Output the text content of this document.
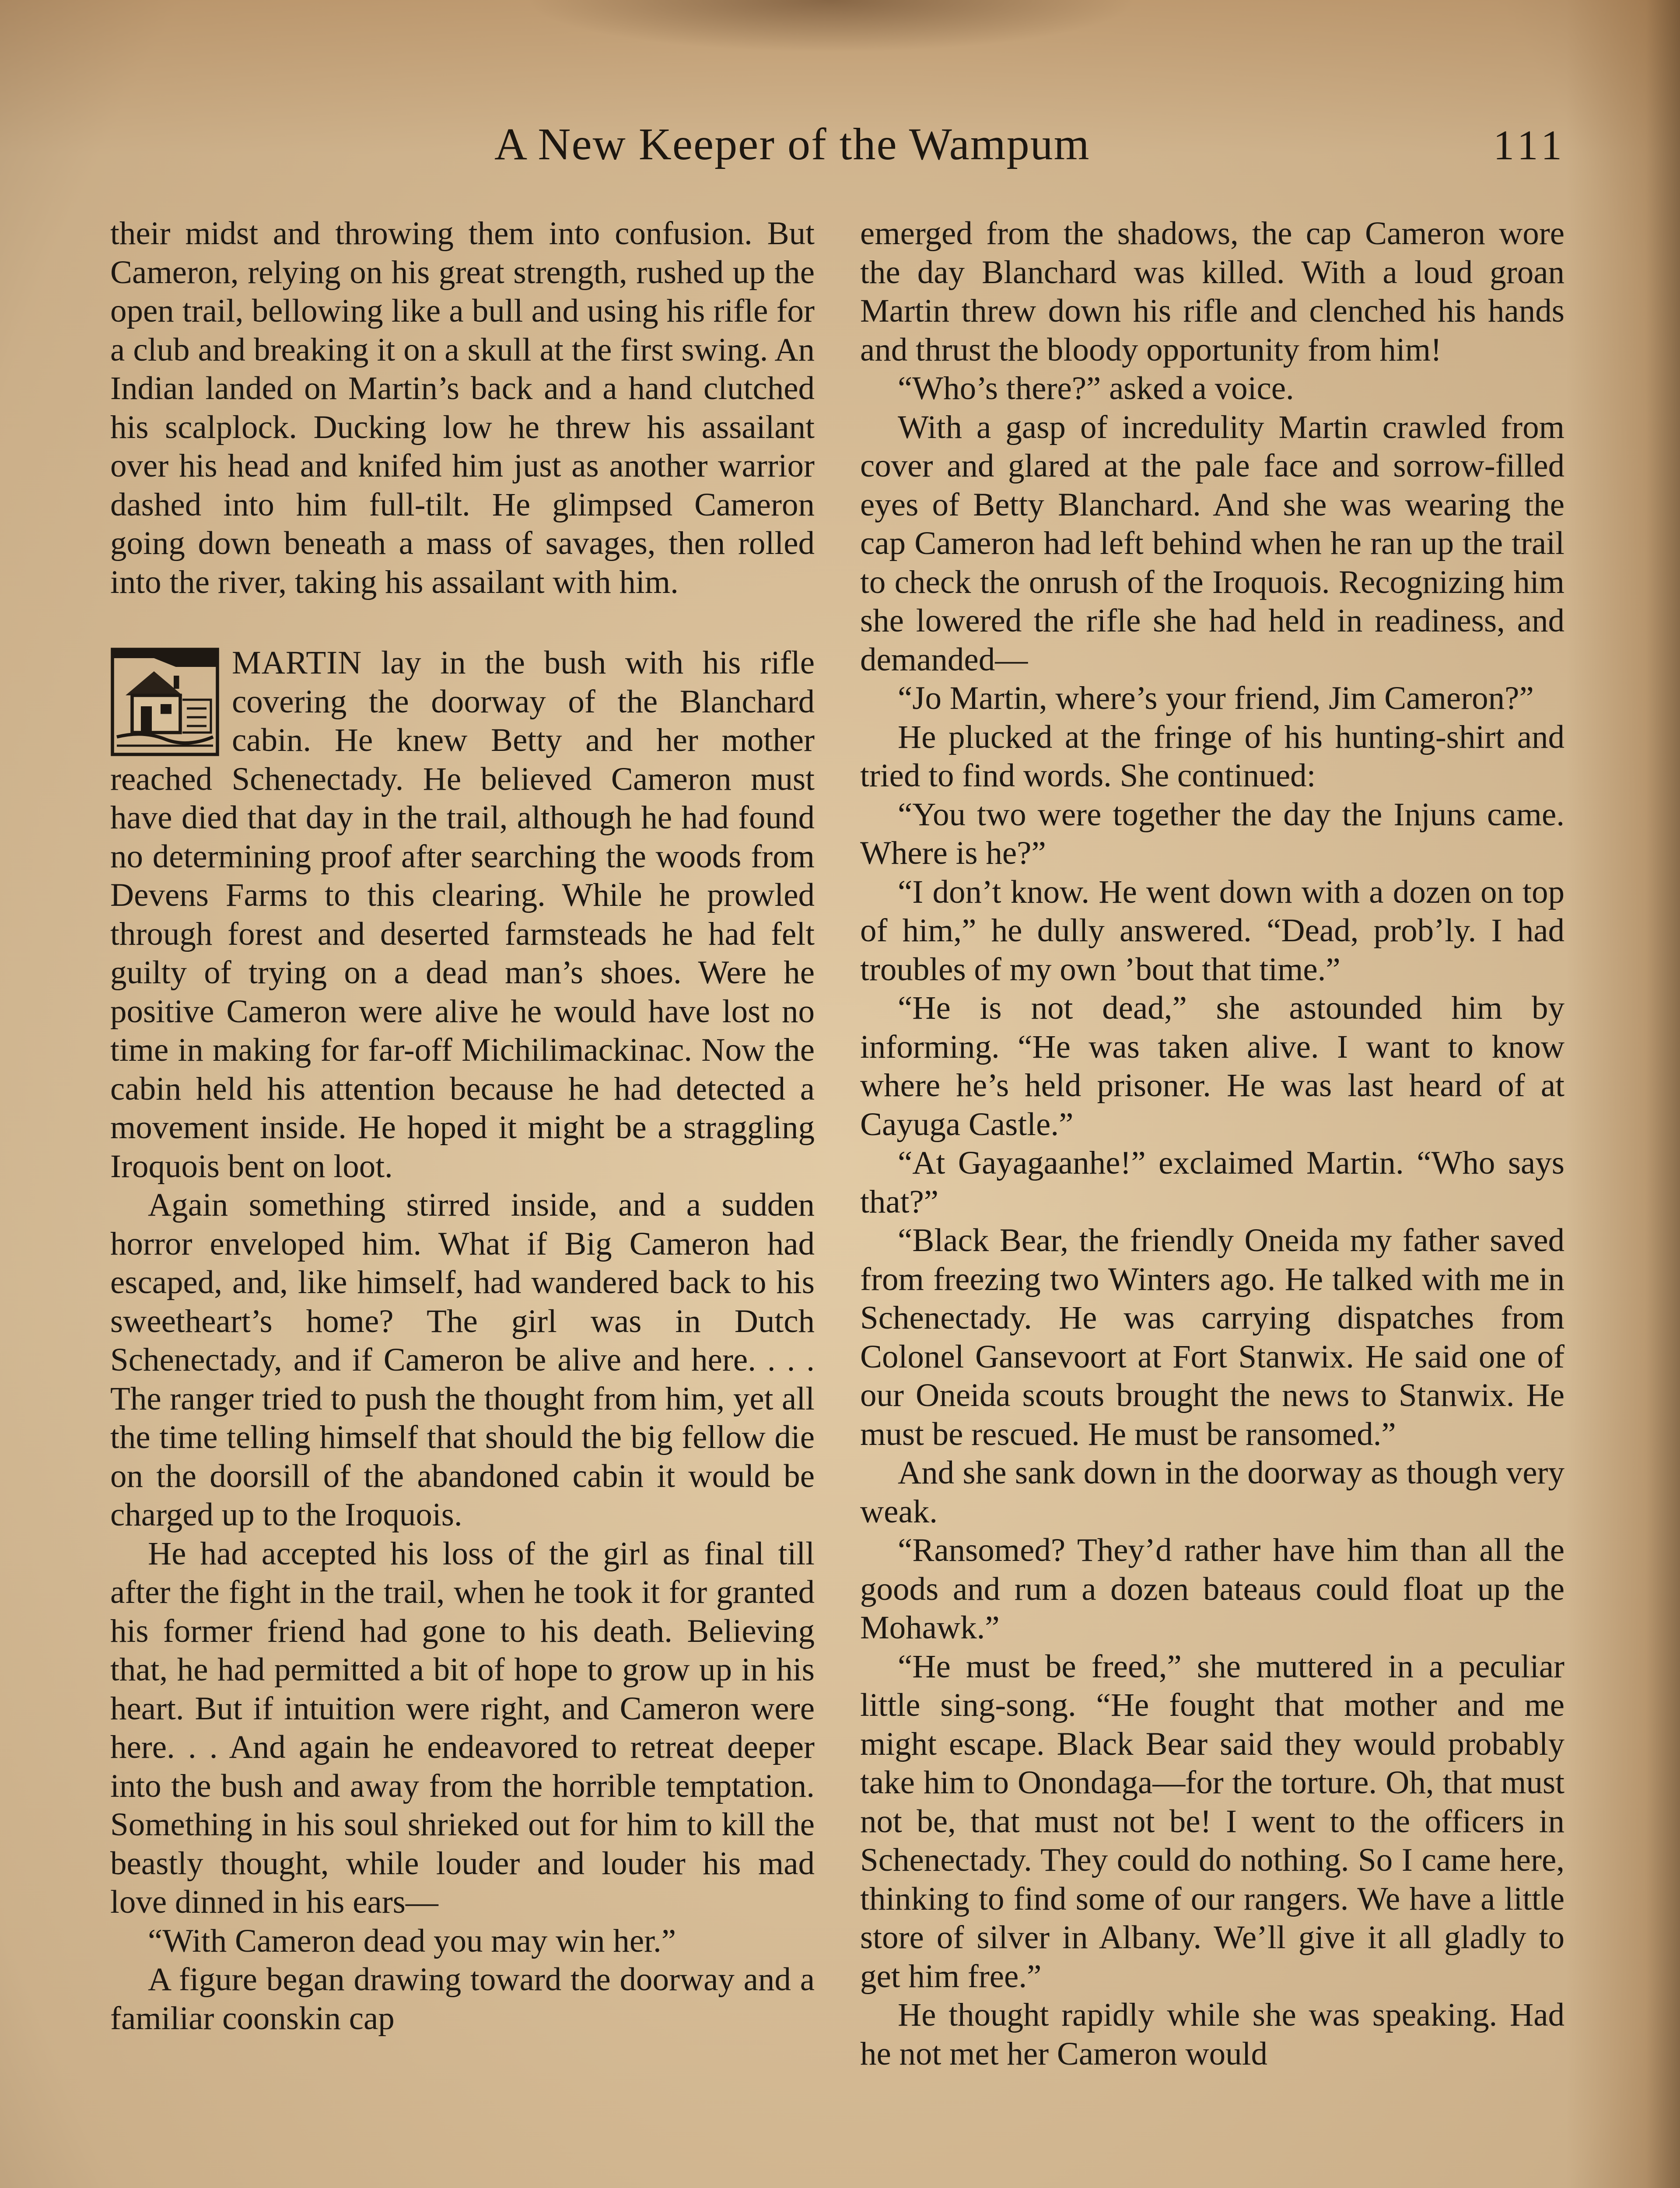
A New Keeper of the Wampum	111

their midst and throwing them into confusion. But Cameron, relying on his great strength, rushed up the open trail, bellowing like a bull and using his rifle for a club and breaking it on a skull at the first swing. An Indian landed on Martin’s back and a hand clutched his scalplock. Ducking low he threw his assailant over his head and knifed him just as another warrior dashed into him full-tilt. He glimpsed Cameron going down beneath a mass of savages, then rolled into the river, taking his assailant with him.

MARTIN lay in the bush with his rifle covering the doorway of the Blanchard cabin. He knew Betty and her mother reached Schenectady. He believed Cameron must have died that day in the trail, although he had found no determining proof after searching the woods from Devens Farms to this clearing. While he prowled through forest and deserted farmsteads he had felt guilty of trying on a dead man’s shoes. Were he positive Cameron were alive he would have lost no time in making for far-off Michilimackinac. Now the cabin held his attention because he had detected a movement inside. He hoped it might be a straggling Iroquois bent on loot.

Again something stirred inside, and a sudden horror enveloped him. What if Big Cameron had escaped, and, like himself, had wandered back to his sweetheart’s home? The girl was in Dutch Schenectady, and if Cameron be alive and here. . . . The ranger tried to push the thought from him, yet all the time telling himself that should the big fellow die on the doorsill of the abandoned cabin it would be charged up to the Iroquois.

He had accepted his loss of the girl as final till after the fight in the trail, when he took it for granted his former friend had gone to his death. Believing that, he had permitted a bit of hope to grow up in his heart. But if intuition were right, and Cameron were here. . . And again he endeavored to retreat deeper into the bush and away from the horrible temptation. Something in his soul shrieked out for him to kill the beastly thought, while louder and louder his mad love dinned in his ears—

“With Cameron dead you may win her.”

A figure began drawing toward the doorway and a familiar coonskin cap

emerged from the shadows, the cap Cameron wore the day Blanchard was killed. With a loud groan Martin threw down his rifle and clenched his hands and thrust the bloody opportunity from him!

“Who’s there?” asked a voice.

With a gasp of incredulity Martin crawled from cover and glared at the pale face and sorrow-filled eyes of Betty Blanchard. And she was wearing the cap Cameron had left behind when he ran up the trail to check the onrush of the Iroquois. Recognizing him she lowered the rifle she had held in readiness, and demanded—

“Jo Martin, where’s your friend, Jim Cameron?”

He plucked at the fringe of his hunting-shirt and tried to find words. She continued:

“You two were together the day the Injuns came. Where is he?”

“I don’t know. He went down with a dozen on top of him,” he dully answered. “Dead, prob’ly. I had troubles of my own ’bout that time.”

“He is not dead,” she astounded him by informing. “He was taken alive. I want to know where he’s held prisoner. He was last heard of at Cayuga Castle.”

“At Gayagaanhe!” exclaimed Martin. “Who says that?”

“Black Bear, the friendly Oneida my father saved from freezing two Winters ago. He talked with me in Schenectady. He was carrying dispatches from Colonel Gansevoort at Fort Stanwix. He said one of our Oneida scouts brought the news to Stanwix. He must be rescued. He must be ransomed.”

And she sank down in the doorway as though very weak.

“Ransomed? They’d rather have him than all the goods and rum a dozen bateaus could float up the Mohawk.”

“He must be freed,” she muttered in a peculiar little sing-song. “He fought that mother and me might escape. Black Bear said they would probably take him to Onondaga—for the torture. Oh, that must not be, that must not be! I went to the officers in Schenectady. They could do nothing. So I came here, thinking to find some of our rangers. We have a little store of silver in Albany. We’ll give it all gladly to get him free.”

He thought rapidly while she was speaking. Had he not met her Cameron would
